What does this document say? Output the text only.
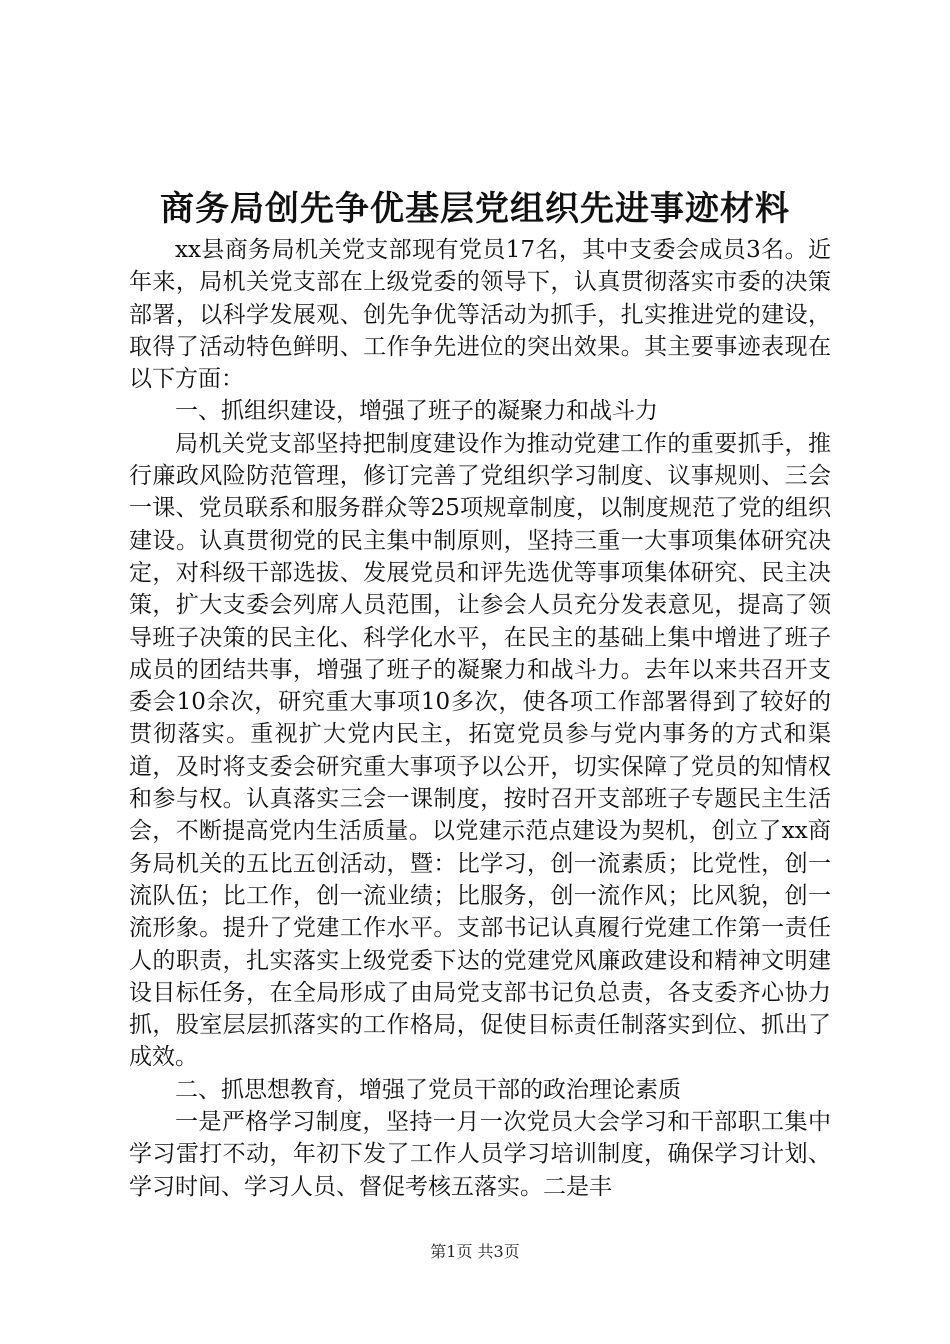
商务局创先争优基层党组织先进事迹材料

xx县商务局机关党支部现有党员17名，其中支委会成员3名。近年来，局机关党支部在上级党委的领导下，认真贯彻落实市委的决策部署，以科学发展观、创先争优等活动为抓手，扎实推进党的建设，取得了活动特色鲜明、工作争先进位的突出效果。其主要事迹表现在以下方面：

一、抓组织建设，增强了班子的凝聚力和战斗力

局机关党支部坚持把制度建设作为推动党建工作的重要抓手，推行廉政风险防范管理，修订完善了党组织学习制度、议事规则、三会一课、党员联系和服务群众等25项规章制度，以制度规范了党的组织建设。认真贯彻党的民主集中制原则，坚持三重一大事项集体研究决定，对科级干部选拔、发展党员和评先选优等事项集体研究、民主决策，扩大支委会列席人员范围，让参会人员充分发表意见，提高了领导班子决策的民主化、科学化水平，在民主的基础上集中增进了班子成员的团结共事，增强了班子的凝聚力和战斗力。去年以来共召开支委会10余次，研究重大事项10多次，使各项工作部署得到了较好的贯彻落实。重视扩大党内民主，拓宽党员参与党内事务的方式和渠道，及时将支委会研究重大事项予以公开，切实保障了党员的知情权和参与权。认真落实三会一课制度，按时召开支部班子专题民主生活会，不断提高党内生活质量。以党建示范点建设为契机，创立了xx商务局机关的五比五创活动，暨：比学习，创一流素质；比党性，创一流队伍；比工作，创一流业绩；比服务，创一流作风；比风貌，创一流形象。提升了党建工作水平。支部书记认真履行党建工作第一责任人的职责，扎实落实上级党委下达的党建党风廉政建设和精神文明建设目标任务，在全局形成了由局党支部书记负总责，各支委齐心协力抓，股室层层抓落实的工作格局，促使目标责任制落实到位、抓出了成效。

二、抓思想教育，增强了党员干部的政治理论素质

一是严格学习制度，坚持一月一次党员大会学习和干部职工集中学习雷打不动，年初下发了工作人员学习培训制度，确保学习计划、学习时间、学习人员、督促考核五落实。二是丰

第1页 共3页
